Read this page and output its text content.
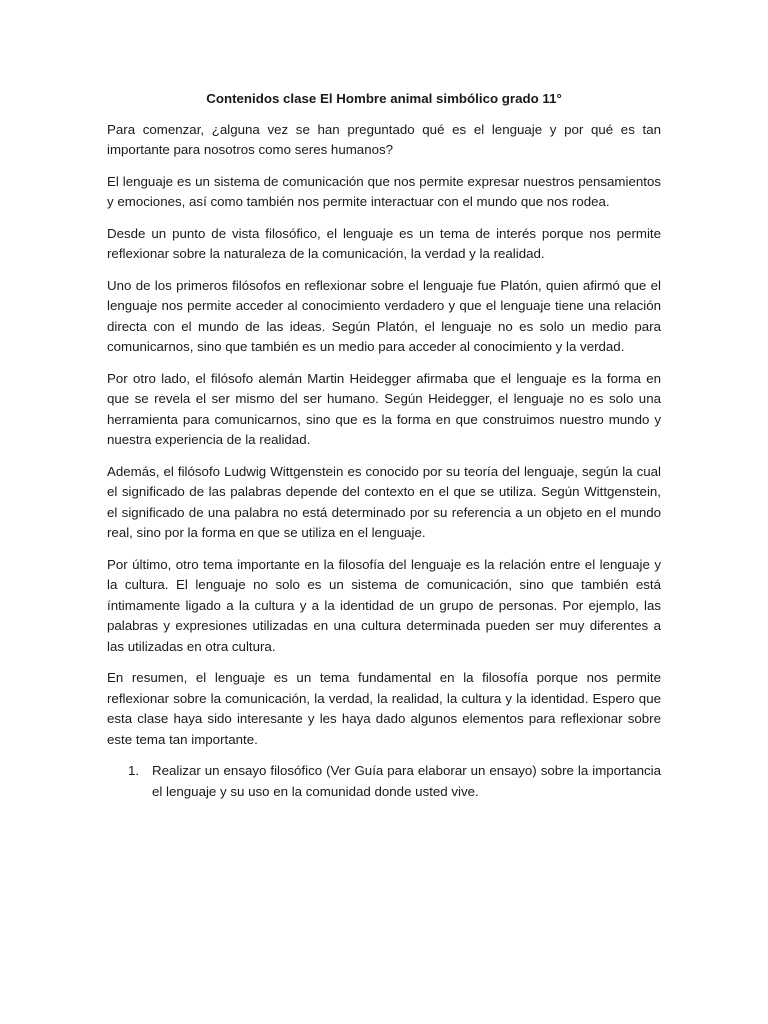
Contenidos clase El Hombre animal simbólico grado 11°

Para comenzar, ¿alguna vez se han preguntado qué es el lenguaje y por qué es tan importante para nosotros como seres humanos?

El lenguaje es un sistema de comunicación que nos permite expresar nuestros pensamientos y emociones, así como también nos permite interactuar con el mundo que nos rodea.

Desde un punto de vista filosófico, el lenguaje es un tema de interés porque nos permite reflexionar sobre la naturaleza de la comunicación, la verdad y la realidad.

Uno de los primeros filósofos en reflexionar sobre el lenguaje fue Platón, quien afirmó que el lenguaje nos permite acceder al conocimiento verdadero y que el lenguaje tiene una relación directa con el mundo de las ideas. Según Platón, el lenguaje no es solo un medio para comunicarnos, sino que también es un medio para acceder al conocimiento y la verdad.

Por otro lado, el filósofo alemán Martin Heidegger afirmaba que el lenguaje es la forma en que se revela el ser mismo del ser humano. Según Heidegger, el lenguaje no es solo una herramienta para comunicarnos, sino que es la forma en que construimos nuestro mundo y nuestra experiencia de la realidad.

Además, el filósofo Ludwig Wittgenstein es conocido por su teoría del lenguaje, según la cual el significado de las palabras depende del contexto en el que se utiliza. Según Wittgenstein, el significado de una palabra no está determinado por su referencia a un objeto en el mundo real, sino por la forma en que se utiliza en el lenguaje.

Por último, otro tema importante en la filosofía del lenguaje es la relación entre el lenguaje y la cultura. El lenguaje no solo es un sistema de comunicación, sino que también está íntimamente ligado a la cultura y a la identidad de un grupo de personas. Por ejemplo, las palabras y expresiones utilizadas en una cultura determinada pueden ser muy diferentes a las utilizadas en otra cultura.

En resumen, el lenguaje es un tema fundamental en la filosofía porque nos permite reflexionar sobre la comunicación, la verdad, la realidad, la cultura y la identidad. Espero que esta clase haya sido interesante y les haya dado algunos elementos para reflexionar sobre este tema tan importante.

1. Realizar un ensayo filosófico (Ver Guía para elaborar un ensayo) sobre la importancia el lenguaje y su uso en la comunidad donde usted vive.
